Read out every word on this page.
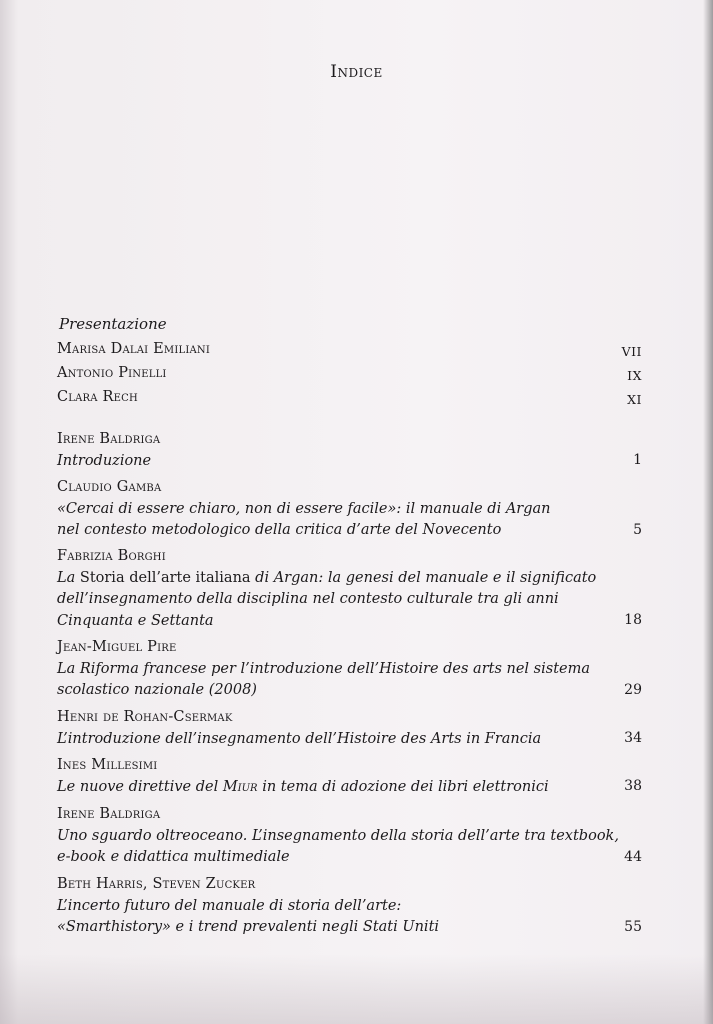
Indice
Presentazione
Marisa Dalai Emiliani	VII
Antonio Pinelli	IX
Clara Rech	XI
Irene Baldriga
Introduzione	1
Claudio Gamba
«Cercai di essere chiaro, non di essere facile»: il manuale di Argan
nel contesto metodologico della critica d’arte del Novecento	5
Fabrizia Borghi
La Storia dell’arte italiana di Argan: la genesi del manuale e il significato
dell’insegnamento della disciplina nel contesto culturale tra gli anni
Cinquanta e Settanta	18
Jean-Miguel Pire
La Riforma francese per l’introduzione dell’Histoire des arts nel sistema
scolastico nazionale (2008)	29
Henri de Rohan-Csermak
L’introduzione dell’insegnamento dell’Histoire des Arts in Francia	34
Ines Millesimi
Le nuove direttive del Miur in tema di adozione dei libri elettronici	38
Irene Baldriga
Uno sguardo oltreoceano. L’insegnamento della storia dell’arte tra textbook,
e-book e didattica multimediale	44
Beth Harris, Steven Zucker
L’incerto futuro del manuale di storia dell’arte:
«Smarthistory» e i trend prevalenti negli Stati Uniti	55
